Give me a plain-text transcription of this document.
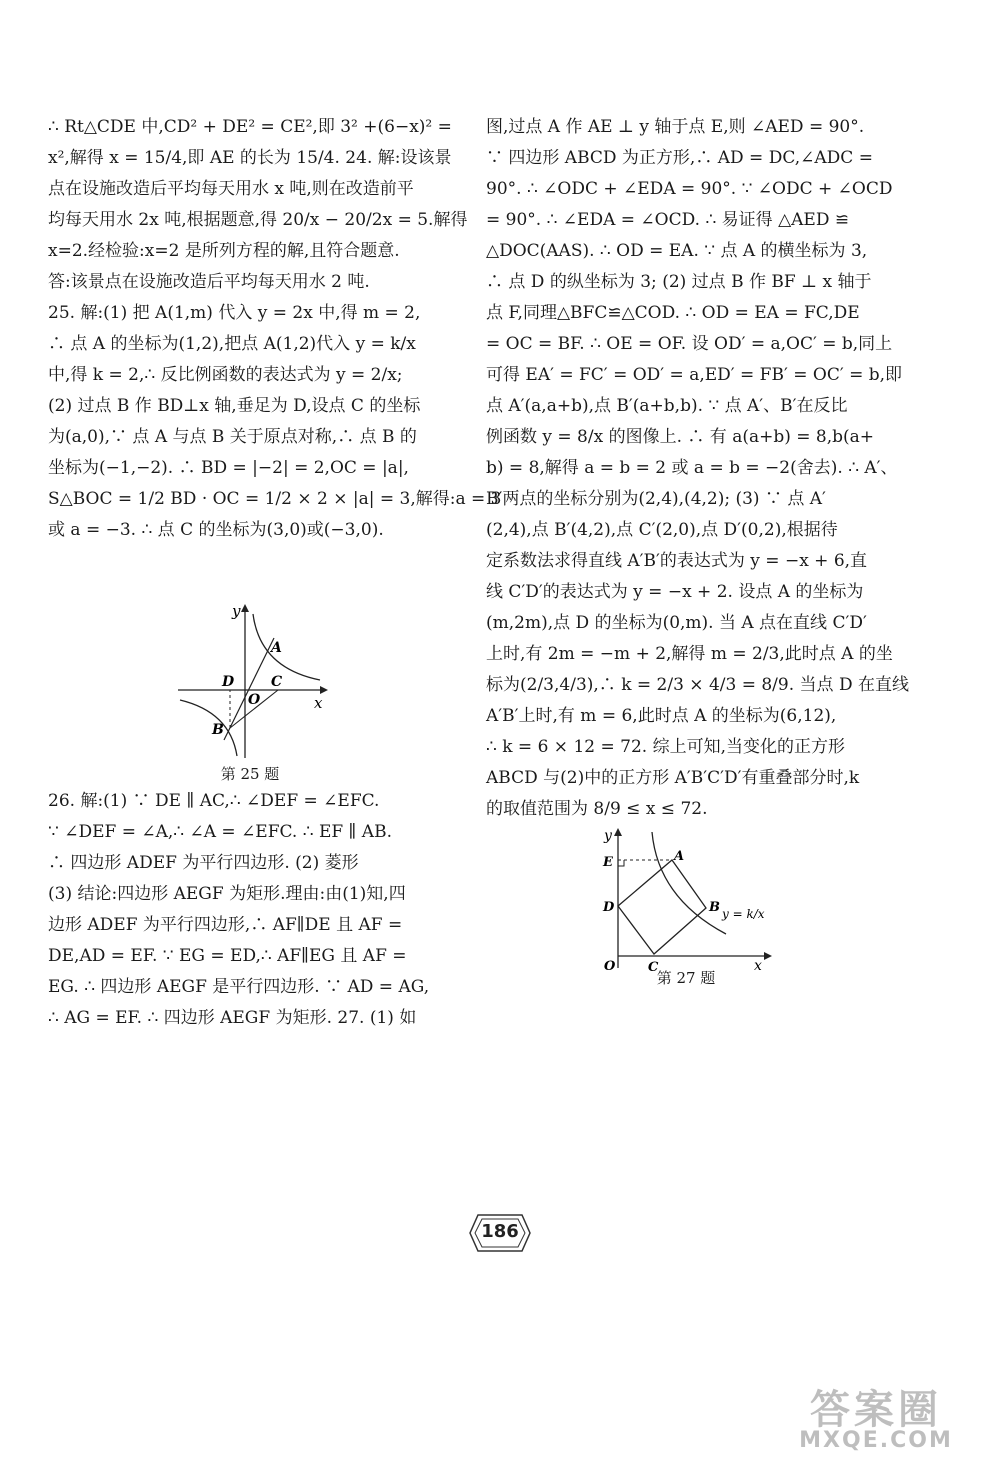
∴ Rt△CDE 中,CD² + DE² = CE²,即 3² +(6−x)² =

x²,解得 x = 15/4,即 AE 的长为 15/4. 24. 解:设该景

点在设施改造后平均每天用水 x 吨,则在改造前平

均每天用水 2x 吨,根据题意,得 20/x − 20/2x = 5.解得

x=2.经检验:x=2 是所列方程的解,且符合题意.

答:该景点在设施改造后平均每天用水 2 吨.

25. 解:(1) 把 A(1,m) 代入 y = 2x 中,得 m = 2,

∴ 点 A 的坐标为(1,2),把点 A(1,2)代入 y = k/x

中,得 k = 2,∴ 反比例函数的表达式为 y = 2/x;

(2) 过点 B 作 BD⊥x 轴,垂足为 D,设点 C 的坐标

为(a,0),∵ 点 A 与点 B 关于原点对称,∴ 点 B 的

坐标为(−1,−2). ∴ BD = |−2| = 2,OC = |a|,

S△BOC = 1/2 BD · OC = 1/2 × 2 × |a| = 3,解得:a = 3

或 a = −3. ∴ 点 C 的坐标为(3,0)或(−3,0).

y
x
A
C
D
O
B
第 25 题

26. 解:(1) ∵ DE ∥ AC,∴ ∠DEF = ∠EFC.

∵ ∠DEF = ∠A,∴ ∠A = ∠EFC. ∴ EF ∥ AB.

∴ 四边形 ADEF 为平行四边形. (2) 菱形

(3) 结论:四边形 AEGF 为矩形.理由:由(1)知,四

边形 ADEF 为平行四边形,∴ AF∥DE 且 AF =

DE,AD = EF. ∵ EG = ED,∴ AF∥EG 且 AF =

EG. ∴ 四边形 AEGF 是平行四边形. ∵ AD = AG,

∴ AG = EF. ∴ 四边形 AEGF 为矩形. 27. (1) 如

图,过点 A 作 AE ⊥ y 轴于点 E,则 ∠AED = 90°.

∵ 四边形 ABCD 为正方形,∴ AD = DC,∠ADC =

90°. ∴ ∠ODC + ∠EDA = 90°. ∵ ∠ODC + ∠OCD

= 90°. ∴ ∠EDA = ∠OCD. ∴ 易证得 △AED ≌

△DOC(AAS). ∴ OD = EA. ∵ 点 A 的横坐标为 3,

∴ 点 D 的纵坐标为 3; (2) 过点 B 作 BF ⊥ x 轴于

点 F,同理△BFC≌△COD. ∴ OD = EA = FC,DE

= OC = BF. ∴ OE = OF. 设 OD′ = a,OC′ = b,同上

可得 EA′ = FC′ = OD′ = a,ED′ = FB′ = OC′ = b,即

点 A′(a,a+b),点 B′(a+b,b). ∵ 点 A′、B′在反比

例函数 y = 8/x 的图像上. ∴ 有 a(a+b) = 8,b(a+

b) = 8,解得 a = b = 2 或 a = b = −2(舍去). ∴ A′、

B′两点的坐标分别为(2,4),(4,2); (3) ∵ 点 A′

(2,4),点 B′(4,2),点 C′(2,0),点 D′(0,2),根据待

定系数法求得直线 A′B′的表达式为 y = −x + 6,直

线 C′D′的表达式为 y = −x + 2. 设点 A 的坐标为

(m,2m),点 D 的坐标为(0,m). 当 A 点在直线 C′D′

上时,有 2m = −m + 2,解得 m = 2/3,此时点 A 的坐

标为(2/3,4/3),∴ k = 2/3 × 4/3 = 8/9. 当点 D 在直线

A′B′上时,有 m = 6,此时点 A 的坐标为(6,12),

∴ k = 6 × 12 = 72. 综上可知,当变化的正方形

ABCD 与(2)中的正方形 A′B′C′D′有重叠部分时,k

的取值范围为 8/9 ≤ x ≤ 72.

y
x
E	A
D	B
C
O
y = k/x
第 27 题
186
答案圈
MXQE.COM
